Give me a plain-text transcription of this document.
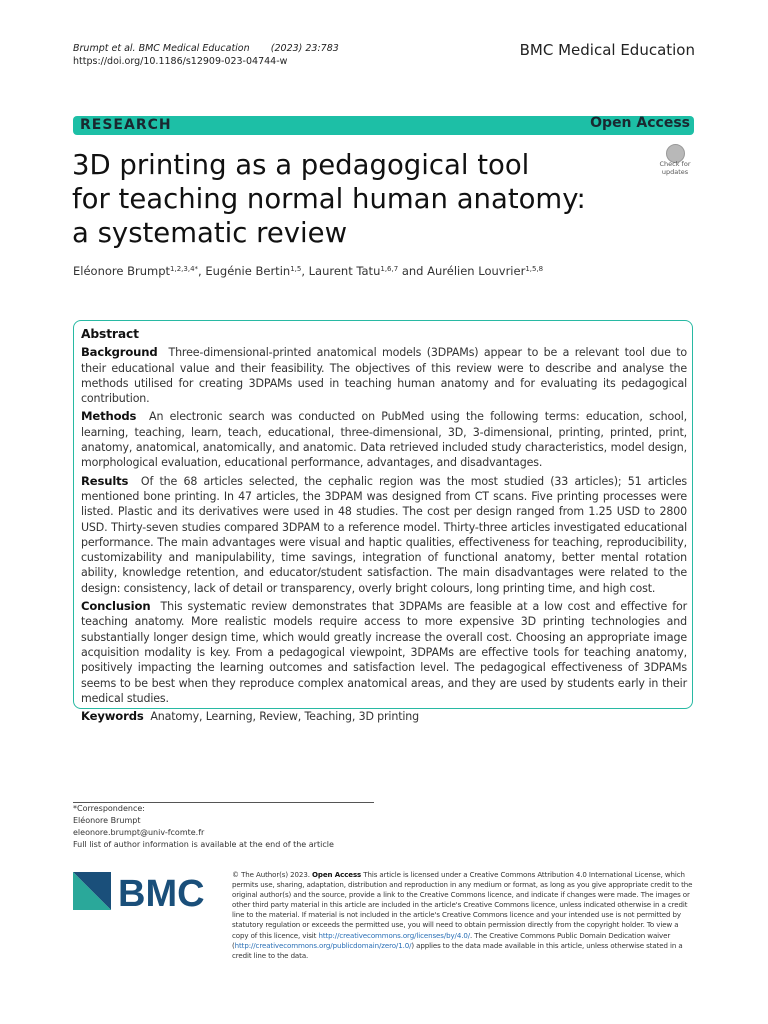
Brumpt et al. BMC Medical Education (2023) 23:783
https://doi.org/10.1186/s12909-023-04744-w
BMC Medical Education
RESEARCH	Open Access
3D printing as a pedagogical tool
for teaching normal human anatomy:
a systematic review
Check for
updates
Eléonore Brumpt$^{1,2,3,4*}$, Eugénie Bertin$^{1,5}$, Laurent Tatu$^{1,6,7}$ and Aurélien Louvrier$^{1,5,8}$
Abstract

Background Three-dimensional-printed anatomical models (3DPAMs) appear to be a relevant tool due to their educational value and their feasibility. The objectives of this review were to describe and analyse the methods utilised for creating 3DPAMs used in teaching human anatomy and for evaluating its pedagogical contribution.

Methods An electronic search was conducted on PubMed using the following terms: education, school, learning, teaching, learn, teach, educational, three-dimensional, 3D, 3-dimensional, printing, printed, print, anatomy, anatomical, anatomically, and anatomic. Data retrieved included study characteristics, model design, morphological evaluation, educational performance, advantages, and disadvantages.

Results Of the 68 articles selected, the cephalic region was the most studied (33 articles); 51 articles mentioned bone printing. In 47 articles, the 3DPAM was designed from CT scans. Five printing processes were listed. Plastic and its derivatives were used in 48 studies. The cost per design ranged from 1.25 USD to 2800 USD. Thirty-seven studies compared 3DPAM to a reference model. Thirty-three articles investigated educational performance. The main advantages were visual and haptic qualities, effectiveness for teaching, reproducibility, customizability and manipulability, time savings, integration of functional anatomy, better mental rotation ability, knowledge retention, and educator/student satisfaction. The main disadvantages were related to the design: consistency, lack of detail or transparency, overly bright colours, long printing time, and high cost.

Conclusion This systematic review demonstrates that 3DPAMs are feasible at a low cost and effective for teaching anatomy. More realistic models require access to more expensive 3D printing technologies and substantially longer design time, which would greatly increase the overall cost. Choosing an appropriate image acquisition modality is key. From a pedagogical viewpoint, 3DPAMs are effective tools for teaching anatomy, positively impacting the learning outcomes and satisfaction level. The pedagogical effectiveness of 3DPAMs seems to be best when they reproduce complex anatomical areas, and they are used by students early in their medical studies.

Keywords Anatomy, Learning, Review, Teaching, 3D printing

*Correspondence:
Eléonore Brumpt
eleonore.brumpt@univ-fcomte.fr
Full list of author information is available at the end of the article
BMC	© The Author(s) 2023. Open Access This article is licensed under a Creative Commons Attribution 4.0 International License, which permits use, sharing, adaptation, distribution and reproduction in any medium or format, as long as you give appropriate credit to the original author(s) and the source, provide a link to the Creative Commons licence, and indicate if changes were made. The images or other third party material in this article are included in the article's Creative Commons licence, unless indicated otherwise in a credit line to the material. If material is not included in the article's Creative Commons licence and your intended use is not permitted by statutory regulation or exceeds the permitted use, you will need to obtain permission directly from the copyright holder. To view a copy of this licence, visit http://creativecommons.org/licenses/by/4.0/. The Creative Commons Public Domain Dedication waiver (http://creativecommons.org/publicdomain/zero/1.0/) applies to the data made available in this article, unless otherwise stated in a credit line to the data.
